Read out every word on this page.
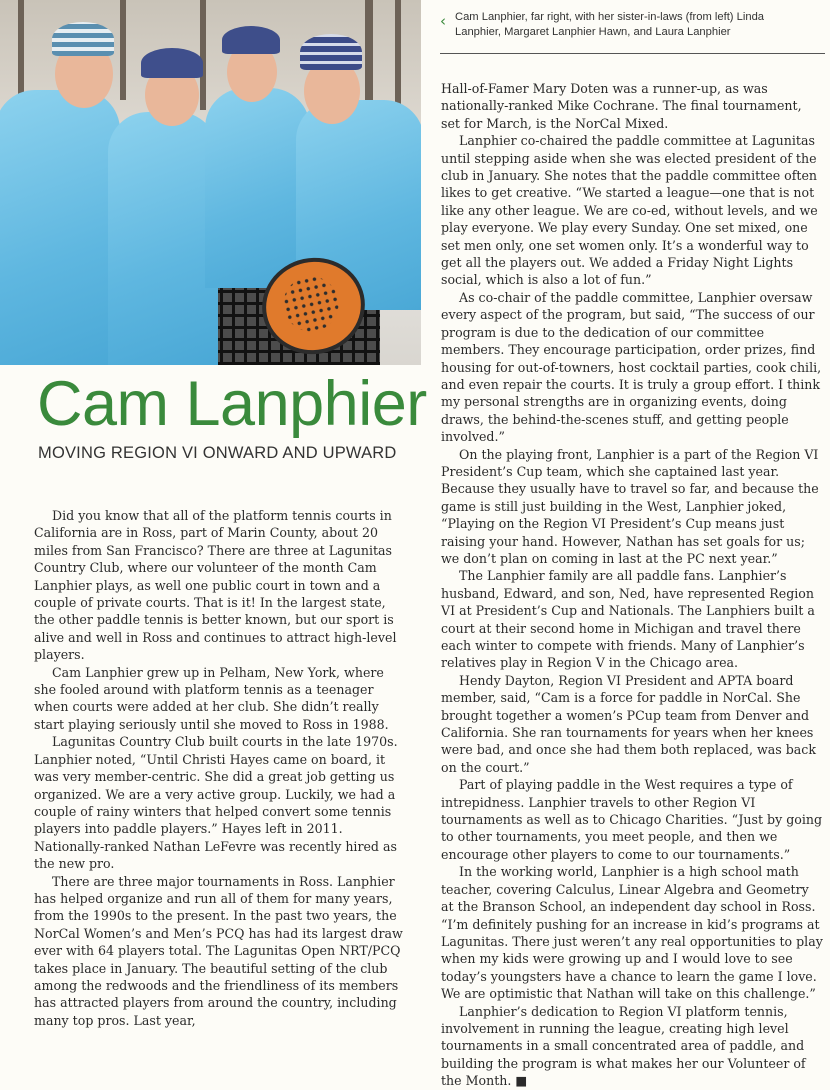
‹ Cam Lanphier, far right, with her sister-in-laws (from left) Linda Lanphier, Margaret Lanphier Hawn, and Laura Lanphier

Cam Lanphier
MOVING REGION VI ONWARD AND UPWARD

Did you know that all of the platform tennis courts in California are in Ross, part of Marin County, about 20 miles from San Francisco? There are three at Lagunitas Country Club, where our volunteer of the month Cam Lanphier plays, as well one public court in town and a couple of private courts. That is it! In the largest state, the other paddle tennis is better known, but our sport is alive and well in Ross and continues to attract high-level players.

Cam Lanphier grew up in Pelham, New York, where she fooled around with platform tennis as a teenager when courts were added at her club. She didn’t really start playing seriously until she moved to Ross in 1988.

Lagunitas Country Club built courts in the late 1970s. Lanphier noted, “Until Christi Hayes came on board, it was very member-centric. She did a great job getting us organized. We are a very active group. Luckily, we had a couple of rainy winters that helped convert some tennis players into paddle players.” Hayes left in 2011. Nationally-ranked Nathan LeFevre was recently hired as the new pro.

There are three major tournaments in Ross. Lanphier has helped organize and run all of them for many years, from the 1990s to the present. In the past two years, the NorCal Women’s and Men’s PCQ has had its largest draw ever with 64 players total. The Lagunitas Open NRT/PCQ takes place in January. The beautiful setting of the club among the redwoods and the friendliness of its members has attracted players from around the country, including many top pros. Last year,

Hall-of-Famer Mary Doten was a runner-up, as was nationally-ranked Mike Cochrane. The final tournament, set for March, is the NorCal Mixed.

Lanphier co-chaired the paddle committee at Lagunitas until stepping aside when she was elected president of the club in January. She notes that the paddle committee often likes to get creative. “We started a league—one that is not like any other league. We are co-ed, without levels, and we play everyone. We play every Sunday. One set mixed, one set men only, one set women only. It’s a wonderful way to get all the players out. We added a Friday Night Lights social, which is also a lot of fun.”

As co-chair of the paddle committee, Lanphier oversaw every aspect of the program, but said, “The success of our program is due to the dedication of our committee members. They encourage participation, order prizes, find housing for out-of-towners, host cocktail parties, cook chili, and even repair the courts. It is truly a group effort. I think my personal strengths are in organizing events, doing draws, the behind-the-scenes stuff, and getting people involved.”

On the playing front, Lanphier is a part of the Region VI President’s Cup team, which she captained last year. Because they usually have to travel so far, and because the game is still just building in the West, Lanphier joked, “Playing on the Region VI President’s Cup means just raising your hand. However, Nathan has set goals for us; we don’t plan on coming in last at the PC next year.”

The Lanphier family are all paddle fans. Lanphier’s husband, Edward, and son, Ned, have represented Region VI at President’s Cup and Nationals. The Lanphiers built a court at their second home in Michigan and travel there each winter to compete with friends. Many of Lanphier’s relatives play in Region V in the Chicago area.

Hendy Dayton, Region VI President and APTA board member, said, “Cam is a force for paddle in NorCal. She brought together a women’s PCup team from Denver and California. She ran tournaments for years when her knees were bad, and once she had them both replaced, was back on the court.”

Part of playing paddle in the West requires a type of intrepidness. Lanphier travels to other Region VI tournaments as well as to Chicago Charities. “Just by going to other tournaments, you meet people, and then we encourage other players to come to our tournaments.”

In the working world, Lanphier is a high school math teacher, covering Calculus, Linear Algebra and Geometry at the Branson School, an independent day school in Ross. “I’m definitely pushing for an increase in kid’s programs at Lagunitas. There just weren’t any real opportunities to play when my kids were growing up and I would love to see today’s youngsters have a chance to learn the game I love. We are optimistic that Nathan will take on this challenge.”

Lanphier’s dedication to Region VI platform tennis, involvement in running the league, creating high level tournaments in a small concentrated area of paddle, and building the program is what makes her our Volunteer of the Month. ■
